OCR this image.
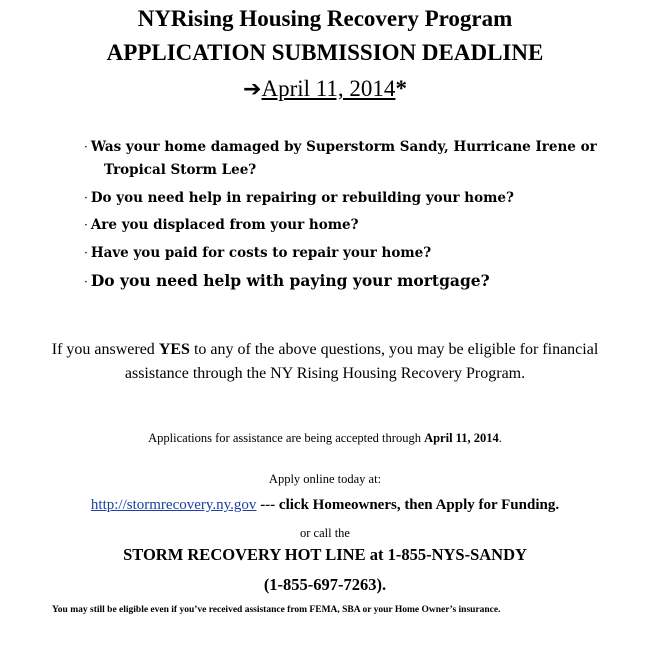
NYRising Housing Recovery Program
APPLICATION SUBMISSION DEADLINE
➔April 11, 2014*
· Was your home damaged by Superstorm Sandy, Hurricane Irene or
Tropical Storm Lee?
· Do you need help in repairing or rebuilding your home?
· Are you displaced from your home?
· Have you paid for costs to repair your home?
· Do you need help with paying your mortgage?
If you answered YES to any of the above questions, you may be eligible for financial assistance through the NY Rising Housing Recovery Program.
Applications for assistance are being accepted through April 11, 2014.
Apply online today at:
http://stormrecovery.ny.gov --- click Homeowners, then Apply for Funding.
or call the
STORM RECOVERY HOT LINE at 1-855-NYS-SANDY
(1-855-697-7263).
You may still be eligible even if you’ve received assistance from FEMA, SBA or your Home Owner’s insurance.
